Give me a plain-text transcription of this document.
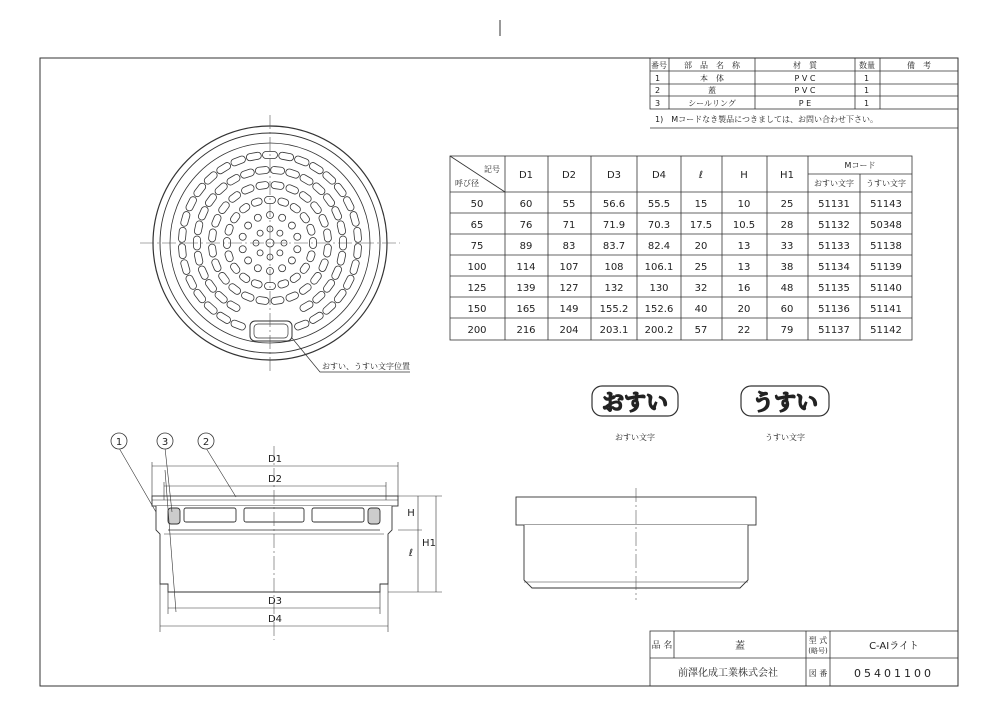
番号 部　品　名　称	材　質	数量	備　考
1	本　体	P V C	1
2	蓋	P V C	1
3	シールリング	P E	1
1)　Mコードなき製品につきましては、お問い合わせ下さい。
記号
呼び径
D1	D2	D3	D4	ℓ	H	H1
Mコード
おすい文字 うすい文字
50	60	55	56.6 55.5 15	10	25 51131 51143
65	76	71	71.9 70.3 17.5 10.5	28 51132 50348
75	89	83	83.7 82.4 20	13	33 51133 51138
100	114 107	108 106.1 25	13	38 51134 51139
125	139 127	132	130	32	16	48 51135 51140
150	165 149 155.2 152.6 40	20	60 51136 51141
200	216 204 203.1 200.2 57	22	79 51137 51142
おすい、うすい文字位置
おすい
おすい文字
うすい
うすい文字
D1
D2
D3
D4
H
ℓ
H1
1	3	2
品 名	蓋
型 式
(略号)	C-AIライト
前澤化成工業株式会社	図 番 05401100
